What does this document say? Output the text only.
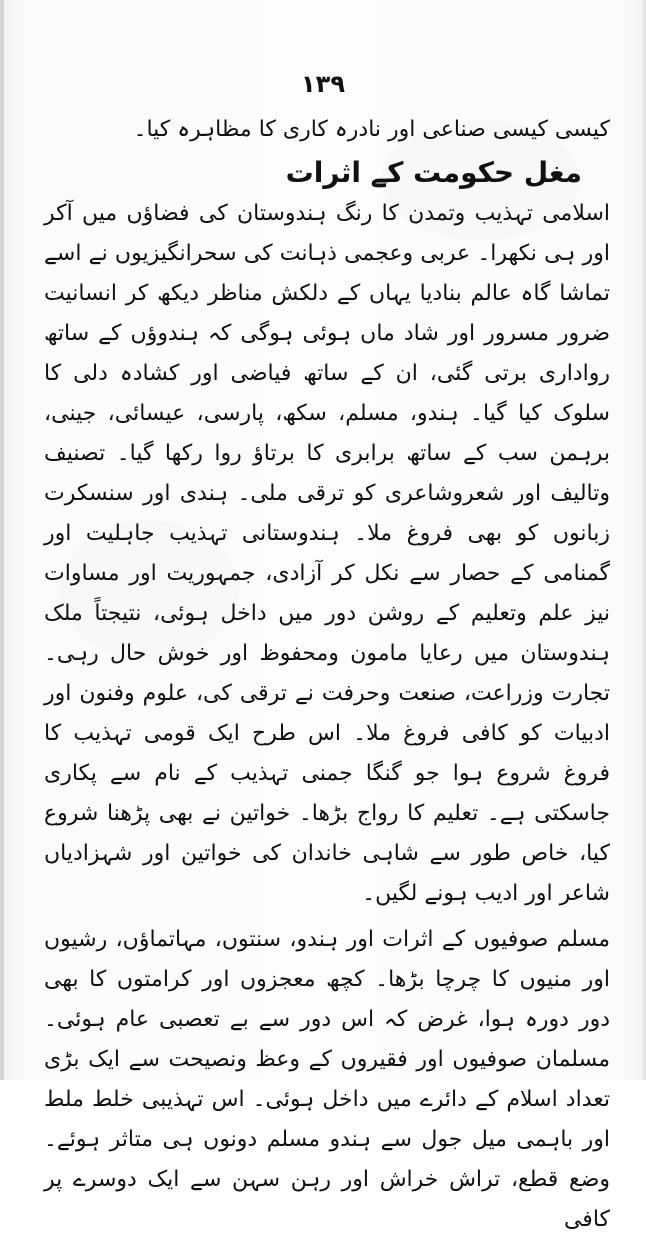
١٣٩

کیسی کیسی صناعی اور نادرہ کاری کا مظاہرہ کیا۔

مغل حکومت کے اثرات

اسلامی تہذیب وتمدن کا رنگ ہندوستان کی فضاؤں میں آکر اور ہی نکھرا۔ عربی وعجمی ذہانت کی سحرانگیزیوں نے اسے تماشا گاہ عالم بنادیا یہاں کے دلکش مناظر دیکھ کر انسانیت ضرور مسرور اور شاد ماں ہوئی ہوگی کہ ہندوؤں کے ساتھ رواداری برتی گئی، ان کے ساتھ فیاضی اور کشادہ دلی کا سلوک کیا گیا۔ ہندو، مسلم، سکھ، پارسی، عیسائی، جینی، برہمن سب کے ساتھ برابری کا برتاؤ روا رکھا گیا۔ تصنیف وتالیف اور شعروشاعری کو ترقی ملی۔ ہندی اور سنسکرت زبانوں کو بھی فروغ ملا۔ ہندوستانی تہذیب جاہلیت اور گمنامی کے حصار سے نکل کر آزادی، جمہوریت اور مساوات نیز علم وتعلیم کے روشن دور میں داخل ہوئی، نتیجتاً ملک ہندوستان میں رعایا مامون ومحفوظ اور خوش حال رہی۔ تجارت وزراعت، صنعت وحرفت نے ترقی کی، علوم وفنون اور ادبیات کو کافی فروغ ملا۔ اس طرح ایک قومی تہذیب کا فروغ شروع ہوا جو گنگا جمنی تہذیب کے نام سے پکاری جاسکتی ہے۔ تعلیم کا رواج بڑھا۔ خواتین نے بھی پڑھنا شروع کیا، خاص طور سے شاہی خاندان کی خواتین اور شہزادیاں شاعر اور ادیب ہونے لگیں۔

مسلم صوفیوں کے اثرات اور ہندو، سنتوں، مہاتماؤں، رشیوں اور منیوں کا چرچا بڑھا۔ کچھ معجزوں اور کرامتوں کا بھی دور دورہ ہوا، غرض کہ اس دور سے بے تعصبی عام ہوئی۔ مسلمان صوفیوں اور فقیروں کے وعظ ونصیحت سے ایک بڑی تعداد اسلام کے دائرے میں داخل ہوئی۔ اس تہذیبی خلط ملط اور باہمی میل جول سے ہندو مسلم دونوں ہی متاثر ہوئے۔ وضع قطع، تراش خراش اور رہن سہن سے ایک دوسرے پر کافی
